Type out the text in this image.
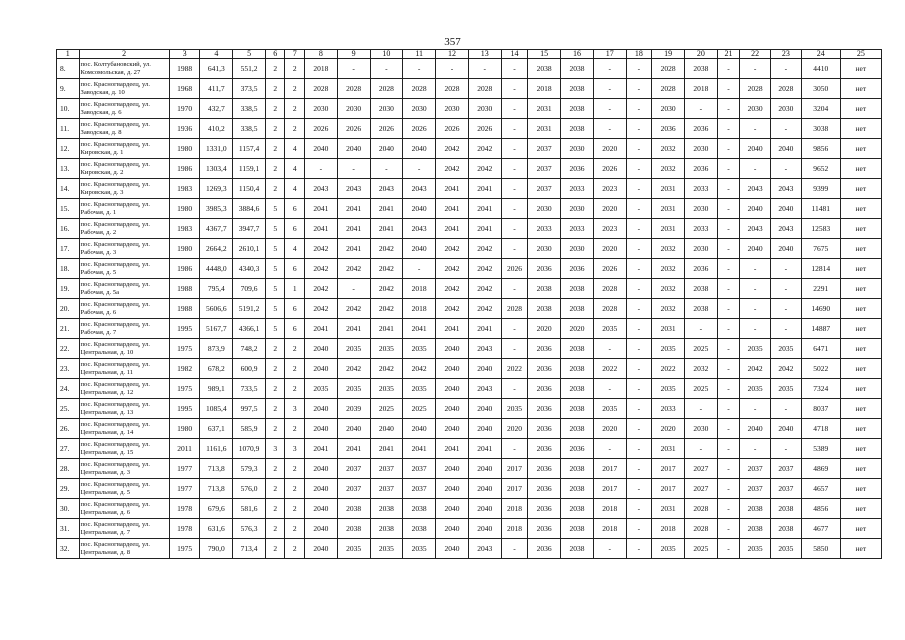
357
1	2	3	4	5	6	7	8	9	10	11	12	13	14	15	16	17	18	19	20	21	22	23	24	25
8.	пос. Колтубановский, ул. Комсомольская, д. 27	1988	641,3	551,2	2	2	2018	-	-	-	-	-	-	2038	2038	-	-	2028	2038	-	-	-	4410	нет
9.	пос. Красногвардеец, ул. Заводская, д. 10	1968	411,7	373,5	2	2	2028	2028	2028	2028	2028	2028	-	2018	2038	-	-	2028	2018	-	2028	2028	3050	нет
10.	пос. Красногвардеец, ул. Заводская, д. 6	1970	432,7	338,5	2	2	2030	2030	2030	2030	2030	2030	-	2031	2038	-	-	2030	-	-	2030	2030	3204	нет
11.	пос. Красногвардеец, ул. Заводская, д. 8	1936	410,2	338,5	2	2	2026	2026	2026	2026	2026	2026	-	2031	2038	-	-	2036	2036	-	-	-	3038	нет
12.	пос. Красногвардеец, ул. Кировская, д. 1	1980	1331,0	1157,4	2	4	2040	2040	2040	2040	2042	2042	-	2037	2030	2020	-	2032	2030	-	2040	2040	9856	нет
13.	пос. Красногвардеец, ул. Кировская, д. 2	1986	1303,4	1159,1	2	4	-	-	-	-	2042	2042	-	2037	2036	2026	-	2032	2036	-	-	-	9652	нет
14.	пос. Красногвардеец, ул. Кировская, д. 3	1983	1269,3	1150,4	2	4	2043	2043	2043	2043	2041	2041	-	2037	2033	2023	-	2031	2033	-	2043	2043	9399	нет
15.	пос. Красногвардеец, ул. Рабочая, д. 1	1980	3985,3	3884,6	5	6	2041	2041	2041	2040	2041	2041	-	2030	2030	2020	-	2031	2030	-	2040	2040	11481	нет
16.	пос. Красногвардеец, ул. Рабочая, д. 2	1983	4367,7	3947,7	5	6	2041	2041	2041	2043	2041	2041	-	2033	2033	2023	-	2031	2033	-	2043	2043	12583	нет
17.	пос. Красногвардеец, ул. Рабочая, д. 3	1980	2664,2	2610,1	5	4	2042	2041	2042	2040	2042	2042	-	2030	2030	2020	-	2032	2030	-	2040	2040	7675	нет
18.	пос. Красногвардеец, ул. Рабочая, д. 5	1986	4448,0	4340,3	5	6	2042	2042	2042	-	2042	2042	2026	2036	2036	2026	-	2032	2036	-	-	-	12814	нет
19.	пос. Красногвардеец, ул. Рабочая, д. 5а	1988	795,4	709,6	5	1	2042	-	2042	2018	2042	2042	-	2038	2038	2028	-	2032	2038	-	-	-	2291	нет
20.	пос. Красногвардеец, ул. Рабочая, д. 6	1988	5606,6	5191,2	5	6	2042	2042	2042	2018	2042	2042	2028	2038	2038	2028	-	2032	2038	-	-	-	14690	нет
21.	пос. Красногвардеец, ул. Рабочая, д. 7	1995	5167,7	4366,1	5	6	2041	2041	2041	2041	2041	2041	-	2020	2020	2035	-	2031	-	-	-	-	14887	нет
22.	пос. Красногвардеец, ул. Центральная, д. 10	1975	873,9	748,2	2	2	2040	2035	2035	2035	2040	2043	-	2036	2038	-	-	2035	2025	-	2035	2035	6471	нет
23.	пос. Красногвардеец, ул. Центральная, д. 11	1982	678,2	600,9	2	2	2040	2042	2042	2042	2040	2040	2022	2036	2038	2022	-	2022	2032	-	2042	2042	5022	нет
24.	пос. Красногвардеец, ул. Центральная, д. 12	1975	989,1	733,5	2	2	2035	2035	2035	2035	2040	2043	-	2036	2038	-	-	2035	2025	-	2035	2035	7324	нет
25.	пос. Красногвардеец, ул. Центральная, д. 13	1995	1085,4	997,5	2	3	2040	2039	2025	2025	2040	2040	2035	2036	2038	2035	-	2033	-	-	-	-	8037	нет
26.	пос. Красногвардеец, ул. Центральная, д. 14	1980	637,1	585,9	2	2	2040	2040	2040	2040	2040	2040	2020	2036	2038	2020	-	2020	2030	-	2040	2040	4718	нет
27.	пос. Красногвардеец, ул. Центральная, д. 15	2011	1161,6	1070,9	3	3	2041	2041	2041	2041	2041	2041	-	2036	2036	-	-	2031	-	-	-	-	5389	нет
28.	пос. Красногвардеец, ул. Центральная, д. 3	1977	713,8	579,3	2	2	2040	2037	2037	2037	2040	2040	2017	2036	2038	2017	-	2017	2027	-	2037	2037	4869	нет
29.	пос. Красногвардеец, ул. Центральная, д. 5	1977	713,8	576,0	2	2	2040	2037	2037	2037	2040	2040	2017	2036	2038	2017	-	2017	2027	-	2037	2037	4657	нет
30.	пос. Красногвардеец, ул. Центральная, д. 6	1978	679,6	581,6	2	2	2040	2038	2038	2038	2040	2040	2018	2036	2038	2018	-	2031	2028	-	2038	2038	4856	нет
31.	пос. Красногвардеец, ул. Центральная, д. 7	1978	631,6	576,3	2	2	2040	2038	2038	2038	2040	2040	2018	2036	2038	2018	-	2018	2028	-	2038	2038	4677	нет
32.	пос. Красногвардеец, ул. Центральная, д. 8	1975	790,0	713,4	2	2	2040	2035	2035	2035	2040	2043	-	2036	2038	-	-	2035	2025	-	2035	2035	5850	нет
